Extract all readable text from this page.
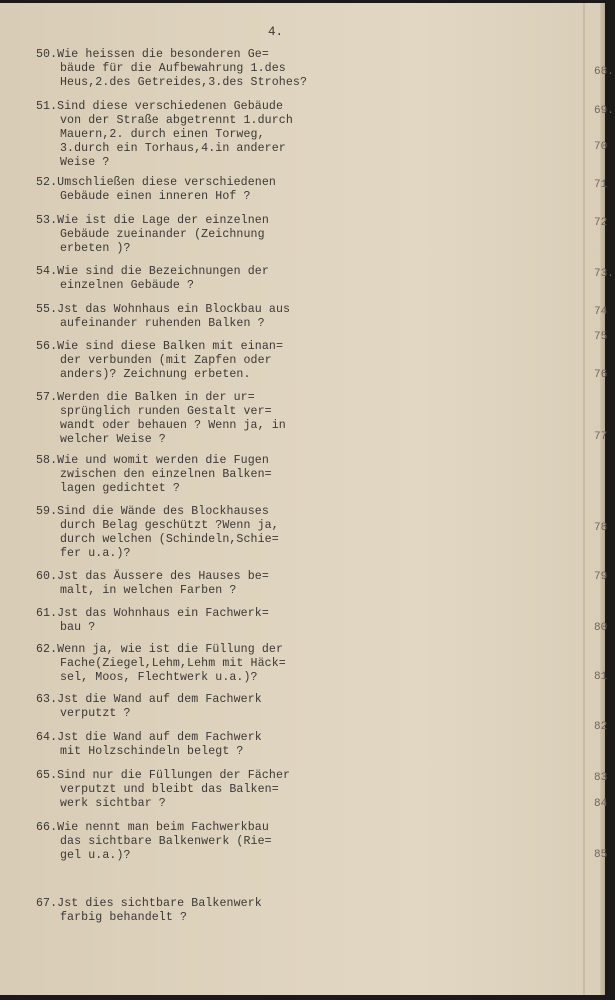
4.
50.Wie heissen die besonderen Ge=
bäude für die Aufbewahrung 1.des
Heus,2.des Getreides,3.des Strohes?
51.Sind diese verschiedenen Gebäude
von der Straße abgetrennt 1.durch
Mauern,2. durch einen Torweg,
3.durch ein Torhaus,4.in anderer
Weise ?
52.Umschließen diese verschiedenen
Gebäude einen inneren Hof ?
53.Wie ist die Lage der einzelnen
Gebäude zueinander (Zeichnung
erbeten )?
54.Wie sind die Bezeichnungen der
einzelnen Gebäude ?
55.Jst das Wohnhaus ein Blockbau aus
aufeinander ruhenden Balken ?
56.Wie sind diese Balken mit einan=
der verbunden (mit Zapfen oder
anders)? Zeichnung erbeten.
57.Werden die Balken in der ur=
sprünglich runden Gestalt ver=
wandt oder behauen ? Wenn ja, in
welcher Weise ?
58.Wie und womit werden die Fugen
zwischen den einzelnen Balken=
lagen gedichtet ?
59.Sind die Wände des Blockhauses
durch Belag geschützt ?Wenn ja,
durch welchen (Schindeln,Schie=
fer u.a.)?
60.Jst das Äussere des Hauses be=
malt, in welchen Farben ?
61.Jst das Wohnhaus ein Fachwerk=
bau ?
62.Wenn ja, wie ist die Füllung der
Fache(Ziegel,Lehm,Lehm mit Häck=
sel, Moos, Flechtwerk u.a.)?
63.Jst die Wand auf dem Fachwerk
verputzt ?
64.Jst die Wand auf dem Fachwerk
mit Holzschindeln belegt ?
65.Sind nur die Füllungen der Fächer
verputzt und bleibt das Balken=
werk sichtbar ?
66.Wie nennt man beim Fachwerkbau
das sichtbare Balkenwerk (Rie=
gel u.a.)?
67.Jst dies sichtbare Balkenwerk
farbig behandelt ?
68.
69.
70
71
72
73.
74
75
76
77
78
79
80
81
82
83
84
85
